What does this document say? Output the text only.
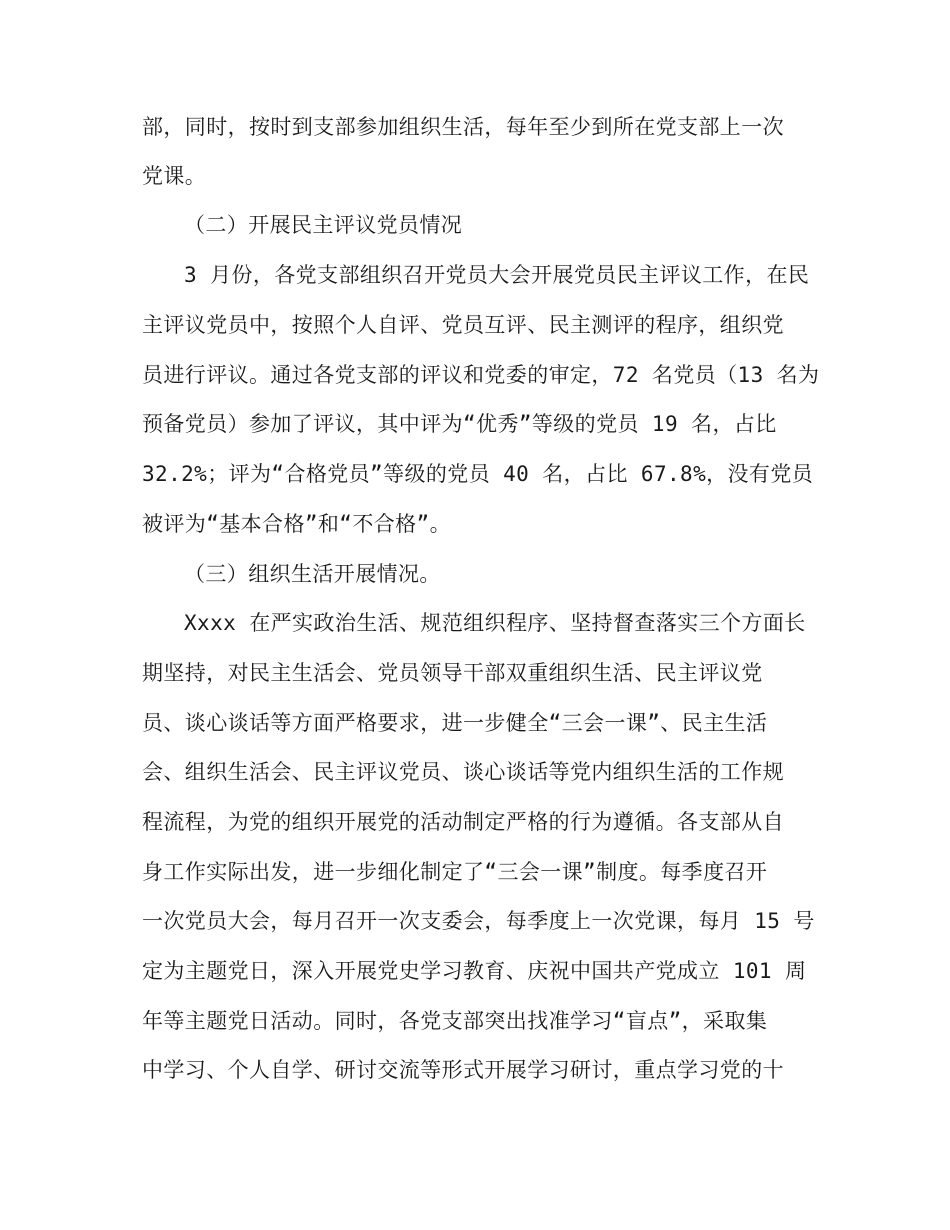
部，同时，按时到支部参加组织生活，每年至少到所在党支部上一次
党课。
（二）开展民主评议党员情况
3 月份，各党支部组织召开党员大会开展党员民主评议工作，在民
主评议党员中，按照个人自评、党员互评、民主测评的程序，组织党
员进行评议。通过各党支部的评议和党委的审定，72 名党员（13 名为
预备党员）参加了评议，其中评为“优秀”等级的党员 19 名，占比
32.2%；评为“合格党员”等级的党员 40 名，占比 67.8%，没有党员
被评为“基本合格”和“不合格”。
（三）组织生活开展情况。
Xxxx 在严实政治生活、规范组织程序、坚持督查落实三个方面长
期坚持，对民主生活会、党员领导干部双重组织生活、民主评议党
员、谈心谈话等方面严格要求，进一步健全“三会一课”、民主生活
会、组织生活会、民主评议党员、谈心谈话等党内组织生活的工作规
程流程，为党的组织开展党的活动制定严格的行为遵循。各支部从自
身工作实际出发，进一步细化制定了“三会一课”制度。每季度召开
一次党员大会，每月召开一次支委会，每季度上一次党课，每月 15 号
定为主题党日，深入开展党史学习教育、庆祝中国共产党成立 101 周
年等主题党日活动。同时，各党支部突出找准学习“盲点”，采取集
中学习、个人自学、研讨交流等形式开展学习研讨，重点学习党的十
